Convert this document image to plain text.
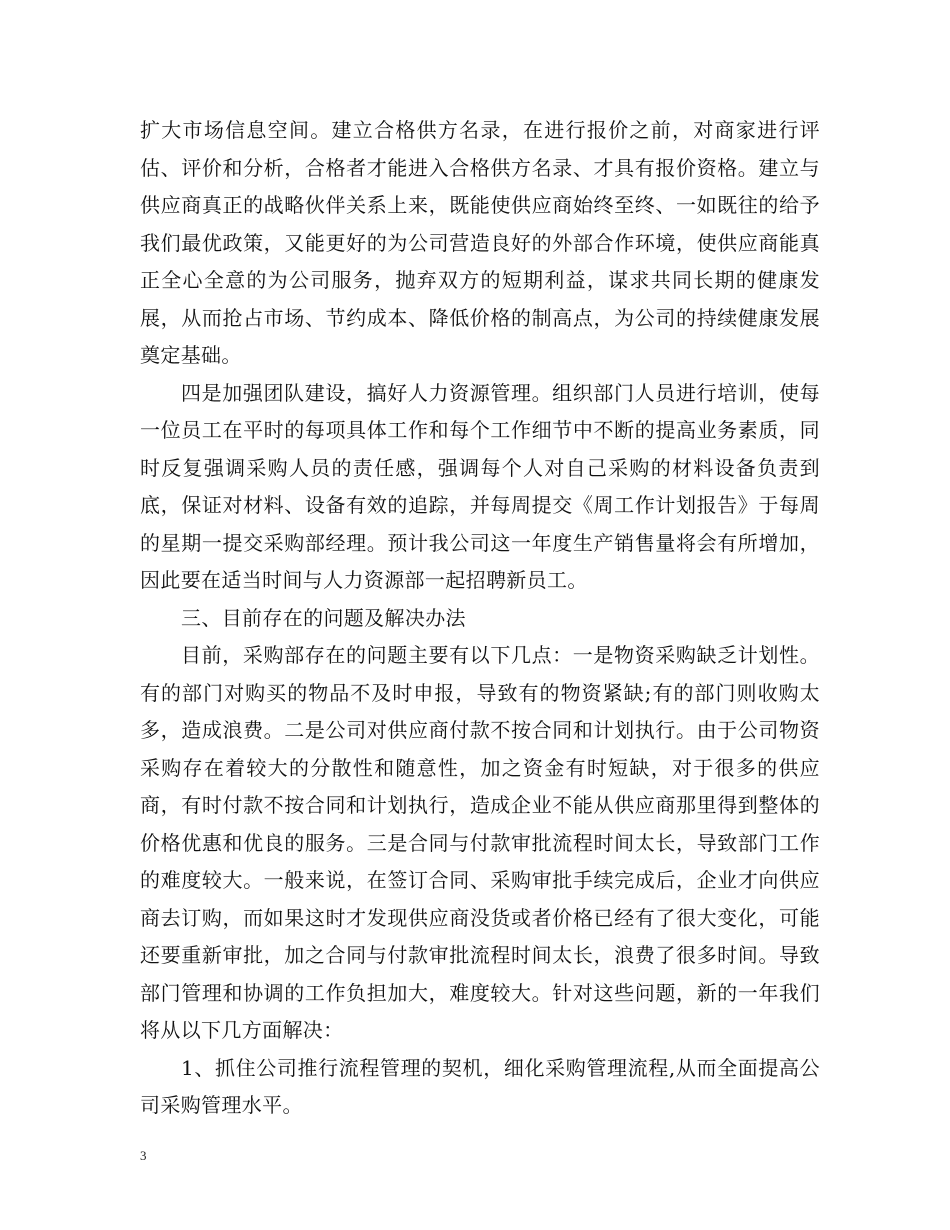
扩大市场信息空间。建立合格供方名录，在进行报价之前，对商家进行评估、评价和分析，合格者才能进入合格供方名录、才具有报价资格。建立与供应商真正的战略伙伴关系上来，既能使供应商始终至终、一如既往的给予我们最优政策，又能更好的为公司营造良好的外部合作环境，使供应商能真正全心全意的为公司服务，抛弃双方的短期利益，谋求共同长期的健康发展，从而抢占市场、节约成本、降低价格的制高点，为公司的持续健康发展奠定基础。

四是加强团队建设，搞好人力资源管理。组织部门人员进行培训，使每一位员工在平时的每项具体工作和每个工作细节中不断的提高业务素质，同时反复强调采购人员的责任感，强调每个人对自己采购的材料设备负责到底，保证对材料、设备有效的追踪，并每周提交《周工作计划报告》于每周的星期一提交采购部经理。预计我公司这一年度生产销售量将会有所增加，因此要在适当时间与人力资源部一起招聘新员工。

三、目前存在的问题及解决办法

目前，采购部存在的问题主要有以下几点：一是物资采购缺乏计划性。有的部门对购买的物品不及时申报，导致有的物资紧缺;有的部门则收购太多，造成浪费。二是公司对供应商付款不按合同和计划执行。由于公司物资采购存在着较大的分散性和随意性，加之资金有时短缺，对于很多的供应商，有时付款不按合同和计划执行，造成企业不能从供应商那里得到整体的价格优惠和优良的服务。三是合同与付款审批流程时间太长，导致部门工作的难度较大。一般来说，在签订合同、采购审批手续完成后，企业才向供应商去订购，而如果这时才发现供应商没货或者价格已经有了很大变化，可能还要重新审批，加之合同与付款审批流程时间太长，浪费了很多时间。导致部门管理和协调的工作负担加大，难度较大。针对这些问题，新的一年我们将从以下几方面解决：

1、抓住公司推行流程管理的契机，细化采购管理流程,从而全面提高公司采购管理水平。

3
